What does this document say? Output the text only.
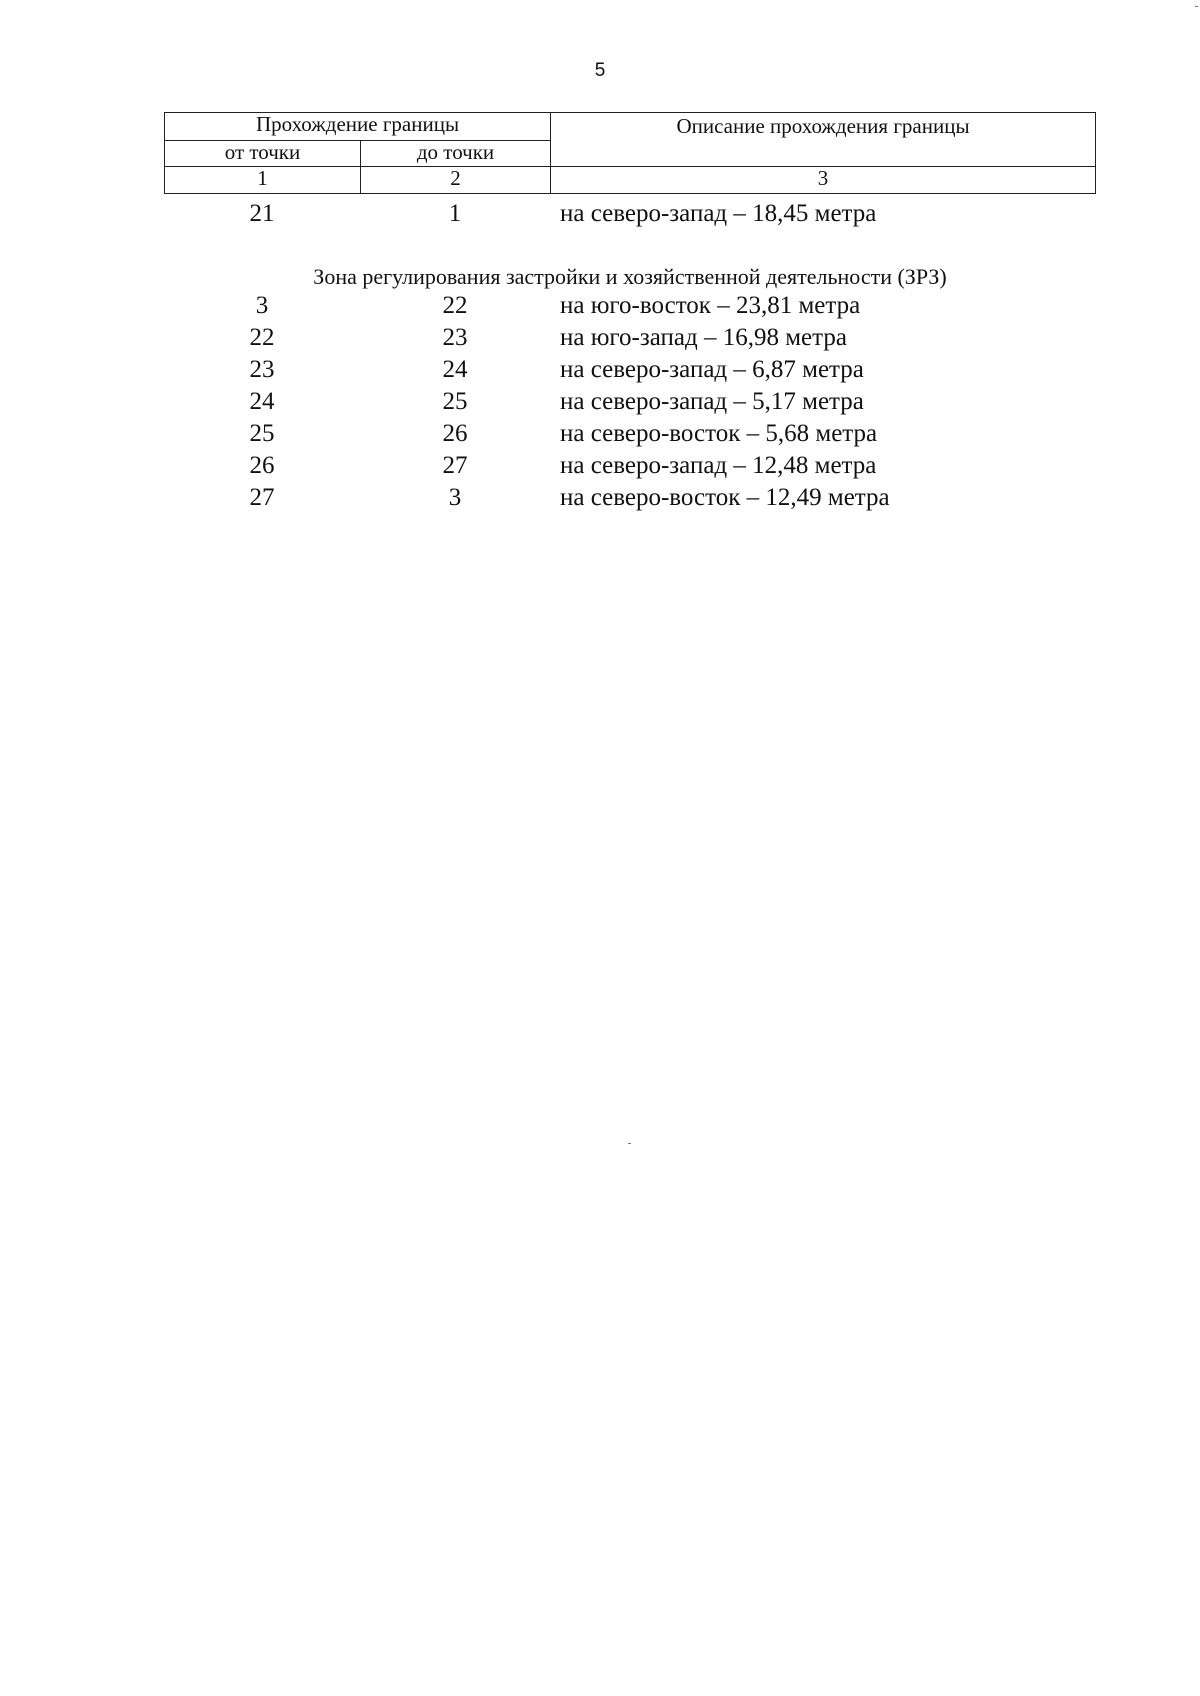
5
Прохождение границы		Описание прохождения границы
от точки	до точки	
1	2	3
21	1	на северо-запад – 18,45 метра
Зона регулирования застройки и хозяйственной деятельности (ЗРЗ)
3	22	на юго-восток – 23,81 метра
22	23	на юго-запад – 16,98 метра
23	24	на северо-запад – 6,87 метра
24	25	на северо-запад – 5,17 метра
25	26	на северо-восток – 5,68 метра
26	27	на северо-запад – 12,48 метра
27	3	на северо-восток – 12,49 метра
